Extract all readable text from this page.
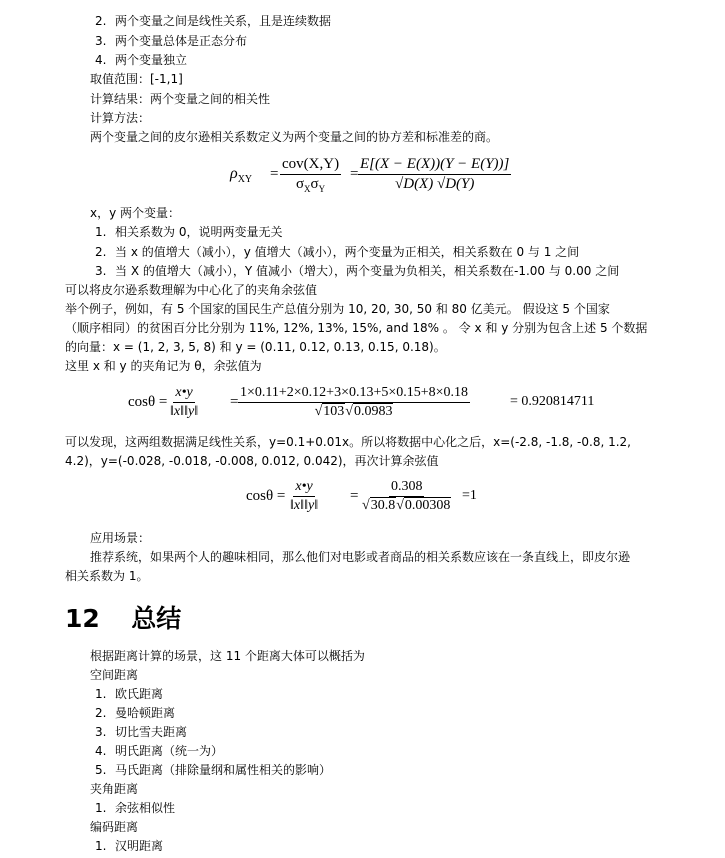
2. 两个变量之间是线性关系，且是连续数据
3. 两个变量总体是正态分布
4. 两个变量独立
取值范围：[-1,1]
计算结果：两个变量之间的相关性
计算方法：
两个变量之间的皮尔逊相关系数定义为两个变量之间的协方差和标准差的商。
$\rho_{XY}$ =
cov(X,Y)
$\sigma_X\sigma_Y$
= $\frac{E[(X - E(X))(Y - E(Y))]}{√D(X) √D(Y)}$
x，y 两个变量：
1. 相关系数为 0，说明两变量无关
2. 当 x 的值增大（减小），y 值增大（减小），两个变量为正相关，相关系数在 0 与 1 之间
3. 当 X 的值增大（减小），Y 值减小（增大），两个变量为负相关，相关系数在-1.00 与 0.00 之间
可以将皮尔逊系数理解为中心化了的夹角余弦值
举个例子，例如，有 5 个国家的国民生产总值分别为 10, 20, 30, 50 和 80 亿美元。 假设这 5 个国家
（顺序相同）的贫困百分比分别为 11%, 12%, 13%, 15%, and 18% 。 令 x 和 y 分别为包含上述 5 个数据
的向量：x = (1, 2, 3, 5, 8) 和 y = (0.11, 0.12, 0.13, 0.15, 0.18)。
这里 x 和 y 的夹角记为 θ，余弦值为
$\cos\theta = \frac{x•y}{‖x‖‖y‖} = \frac{1\times 0.11+2\times 0.12+3\times 0.13+5\times 0.15+8\times 0.18}{√103√0.0983}$	= 0.920814711
可以发现，这两组数据满足线性关系，y=0.1+0.01x。所以将数据中心化之后，x=(-2.8, -1.8, -0.8, 1.2,
4.2)，y=(-0.028, -0.018, -0.008, 0.012, 0.042)，再次计算余弦值
$\cos\theta = \frac{x•y}{‖x‖‖y‖} = \frac{0.308}{√30.8√0.00308} =1$
应用场景：
推荐系统，如果两个人的趣味相同，那么他们对电影或者商品的相关系数应该在一条直线上，即皮尔逊
相关系数为 1。
12 总结
根据距离计算的场景，这 11 个距离大体可以概括为
空间距离
1. 欧氏距离
2. 曼哈顿距离
3. 切比雪夫距离
4. 明氏距离（统一为）
5. 马氏距离（排除量纲和属性相关的影响）
夹角距离
1. 余弦相似性
编码距离
1. 汉明距离
